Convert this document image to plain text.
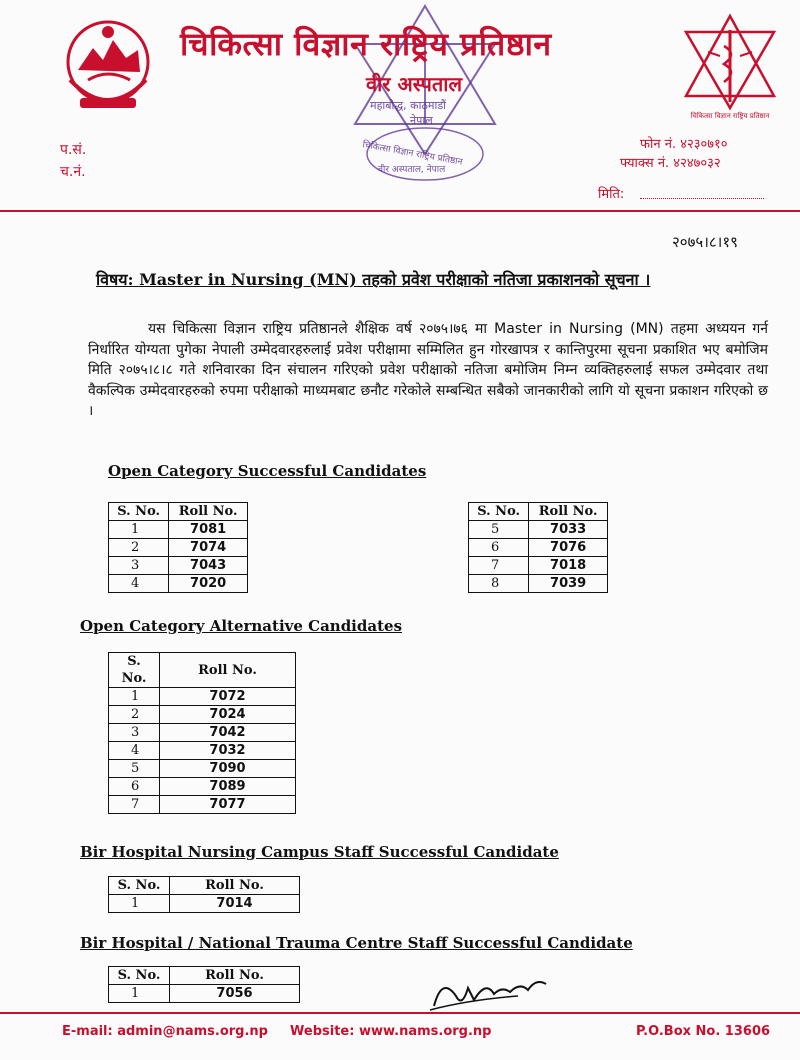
चिकित्सा विज्ञान राष्ट्रिय प्रतिष्ठान
महाबौद्ध, काठमाडौं
नेपाल
चिकित्सा विज्ञान राष्ट्रिय प्रतिष्ठान
वीर अस्पताल, नेपाल
चिकित्सा विज्ञान राष्ट्रिय प्रतिष्ठान
वीर अस्पताल
प.सं.
च.नं.
फोन नं. ४२३०७१०
फ्याक्स नं. ४२४७०३२
मिति:
२०७५।८।१९
विषय: Master in Nursing (MN) तहको प्रवेश परीक्षाको नतिजा प्रकाशनको सूचना ।
यस चिकित्सा विज्ञान राष्ट्रिय प्रतिष्ठानले शैक्षिक वर्ष २०७५।७६ मा Master in Nursing (MN) तहमा अध्ययन गर्न निर्धारित योग्यता पुगेका नेपाली उम्मेदवारहरुलाई प्रवेश परीक्षामा सम्मिलित हुन गोरखापत्र र कान्तिपुरमा सूचना प्रकाशित भए बमोजिम मिति २०७५।८।८ गते शनिवारका दिन संचालन गरिएको प्रवेश परीक्षाको नतिजा बमोजिम निम्न व्यक्तिहरुलाई सफल उम्मेदवार तथा वैकल्पिक उम्मेदवारहरुको रुपमा परीक्षाको माध्यमबाट छनौट गरेकोले सम्बन्धित सबैको जानकारीको लागि यो सूचना प्रकाशन गरिएको छ ।
Open Category Successful Candidates
S. No.	Roll No.
1	7081
2	7074
3	7043
4	7020
S. No.	Roll No.
5	7033
6	7076
7	7018
8	7039
Open Category Alternative Candidates
S. No.	Roll No.
1	7072
2	7024
3	7042
4	7032
5	7090
6	7089
7	7077
Bir Hospital Nursing Campus Staff Successful Candidate
S. No.	Roll No.
1	7014
Bir Hospital / National Trauma Centre Staff Successful Candidate
S. No.	Roll No.
1	7056
E-mail: admin@nams.org.np Website: www.nams.org.np	P.O.Box No. 13606
